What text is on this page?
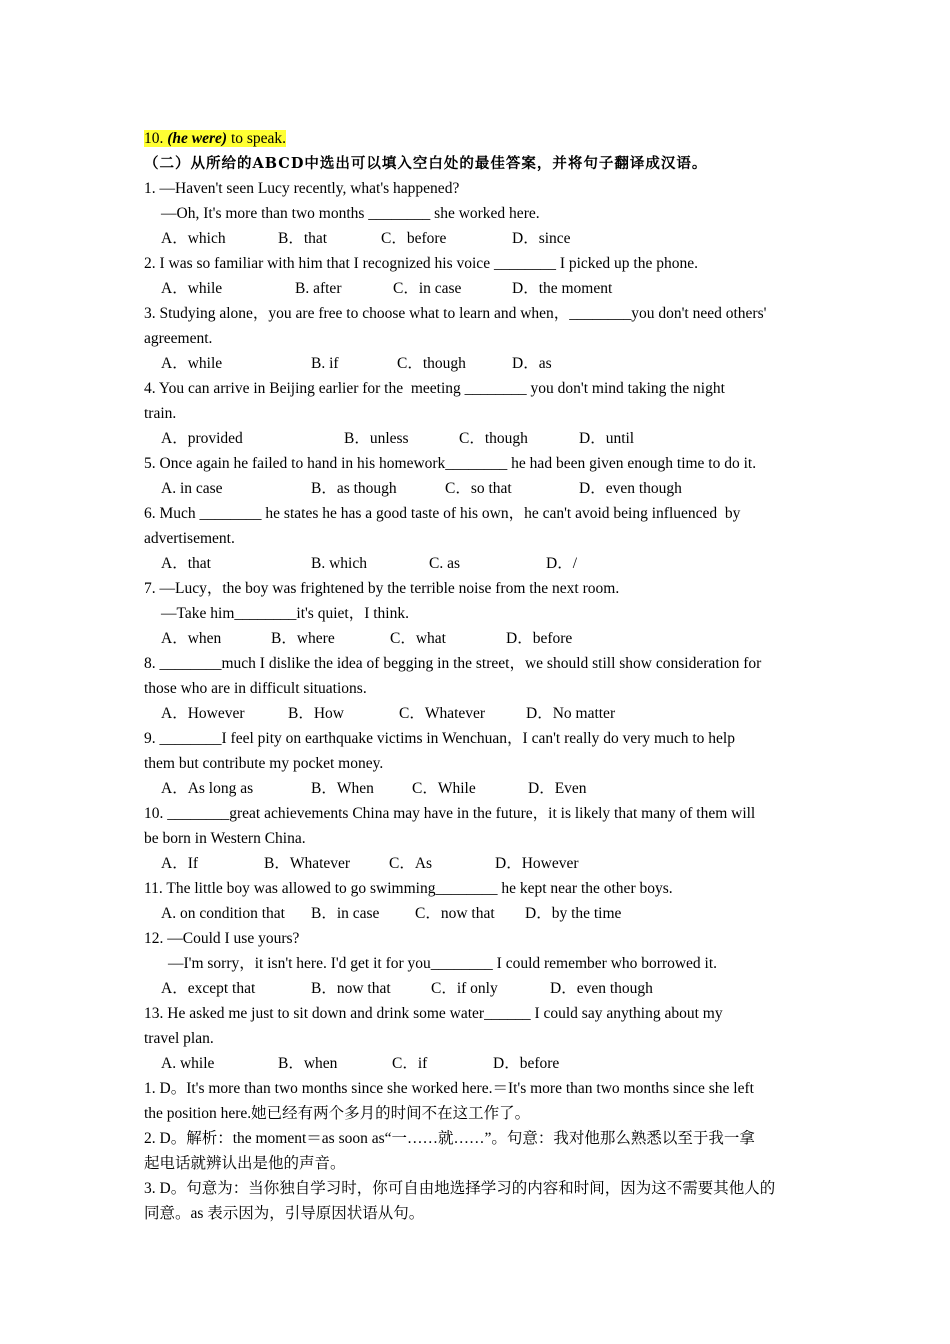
10. (he were) to speak.
（二）从所给的ABCD中选出可以填入空白处的最佳答案，并将句子翻译成汉语。
1. —Haven't seen Lucy recently, what's happened?
—Oh, It's more than two months ________ she worked here.
A．which	B．that	C．before	D．since
2. I was so familiar with him that I recognized his voice ________ I picked up the phone.
A．while	B. after	C．in case	D．the moment
3. Studying alone，you are free to choose what to learn and when，________you don't need others'
agreement.
A．while	B. if	C．though	D．as
4. You can arrive in Beijing earlier for the  meeting ________ you don't mind taking the night
train.
A．provided	B．unless	C．though	D．until
5. Once again he failed to hand in his homework________ he had been given enough time to do it.
A. in case	B．as though	C．so that	D．even though
6. Much ________ he states he has a good taste of his own，he can't avoid being influenced  by
advertisement.
A．that	B. which	C. as	D．/
7. —Lucy，the boy was frightened by the terrible noise from the next room.
—Take him________it's quiet，I think.
A．when	B．where	C．what	D．before
8. ________much I dislike the idea of begging in the street，we should still show consideration for
those who are in difficult situations.
A．However	B．How	C．Whatever	D．No matter
9. ________I feel pity on earthquake victims in Wenchuan，I can't really do very much to help
them but contribute my pocket money.
A．As long as	B．When C．While	D．Even
10. ________great achievements China may have in the future，it is likely that many of them will
be born in Western China.
A．If	B．Whatever	C．As	D．However
11. The little boy was allowed to go swimming________ he kept near the other boys.
A. on condition that B．in case C．now that D．by the time
12. —Could I use yours?
—I'm sorry，it isn't here. I'd get it for you________ I could remember who borrowed it.
A．except that	B．now that	C．if only	D．even though
13. He asked me just to sit down and drink some water______ I could say anything about my
travel plan.
A. while	B．when	C．if	D．before
1. D。It's more than two months since she worked here.＝It's more than two months since she left
the position here.她已经有两个多月的时间不在这工作了。
2. D。解析：the moment＝as soon as“一……就……”。句意：我对他那么熟悉以至于我一拿
起电话就辨认出是他的声音。
3. D。句意为：当你独自学习时，你可自由地选择学习的内容和时间，因为这不需要其他人的
同意。as 表示因为，引导原因状语从句。
